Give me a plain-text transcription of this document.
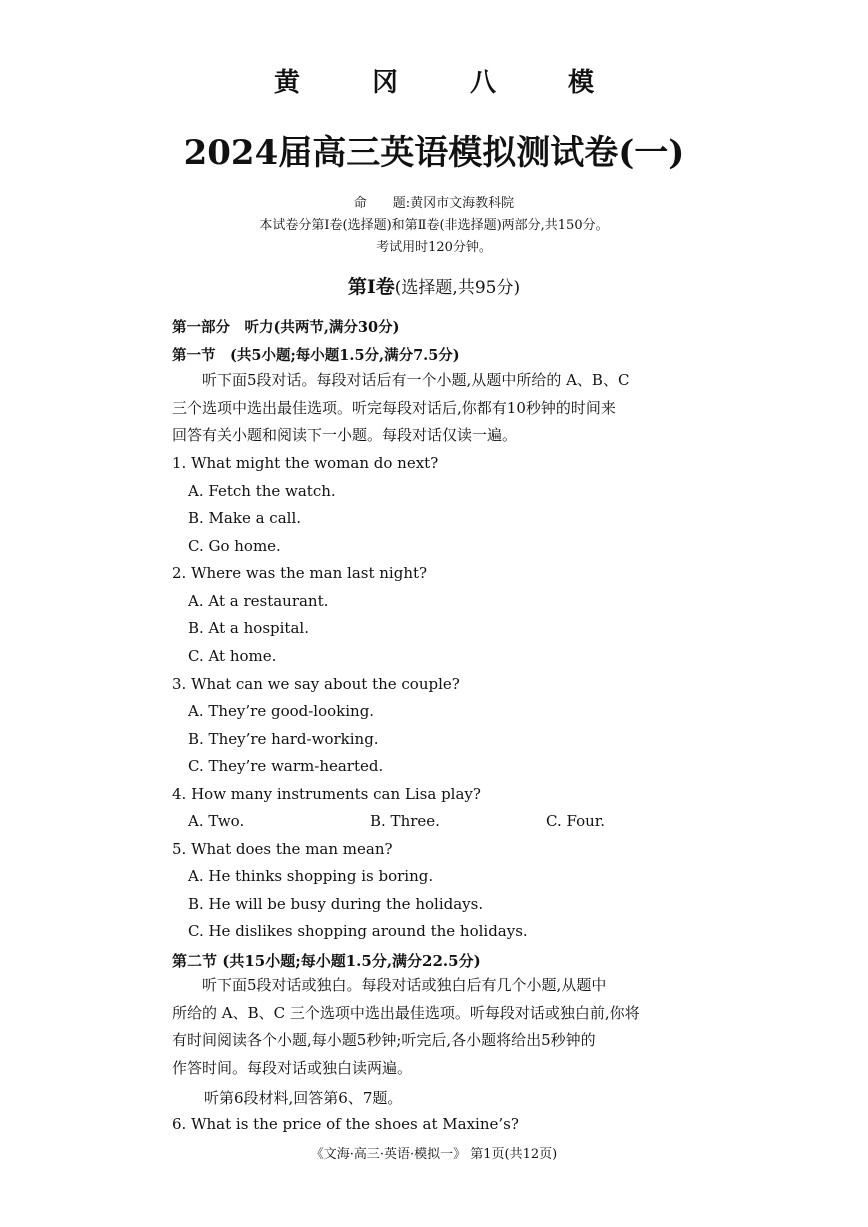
黄冈八模
2024届高三英语模拟测试卷(一)
命　　题:黄冈市文海教科院
本试卷分第Ⅰ卷(选择题)和第Ⅱ卷(非选择题)两部分,共150分。
考试用时120分钟。
第Ⅰ卷(选择题,共95分)
第一部分　听力(共两节,满分30分)
第一节　(共5小题;每小题1.5分,满分7.5分)
听下面5段对话。每段对话后有一个小题,从题中所给的 A、B、C
三个选项中选出最佳选项。听完每段对话后,你都有10秒钟的时间来
回答有关小题和阅读下一小题。每段对话仅读一遍。
1. What might the woman do next?
A. Fetch the watch.
B. Make a call.
C. Go home.
2. Where was the man last night?
A. At a restaurant.
B. At a hospital.
C. At home.
3. What can we say about the couple?
A. They’re good-looking.
B. They’re hard-working.
C. They’re warm-hearted.
4. How many instruments can Lisa play?
A. Two.	B. Three.	C. Four.
5. What does the man mean?
A. He thinks shopping is boring.
B. He will be busy during the holidays.
C. He dislikes shopping around the holidays.
第二节 (共15小题;每小题1.5分,满分22.5分)
听下面5段对话或独白。每段对话或独白后有几个小题,从题中
所给的 A、B、C 三个选项中选出最佳选项。听每段对话或独白前,你将
有时间阅读各个小题,每小题5秒钟;听完后,各小题将给出5秒钟的
作答时间。每段对话或独白读两遍。
听第6段材料,回答第6、7题。
6. What is the price of the shoes at Maxine’s?
《文海·高三·英语·模拟一》 第1页(共12页)
